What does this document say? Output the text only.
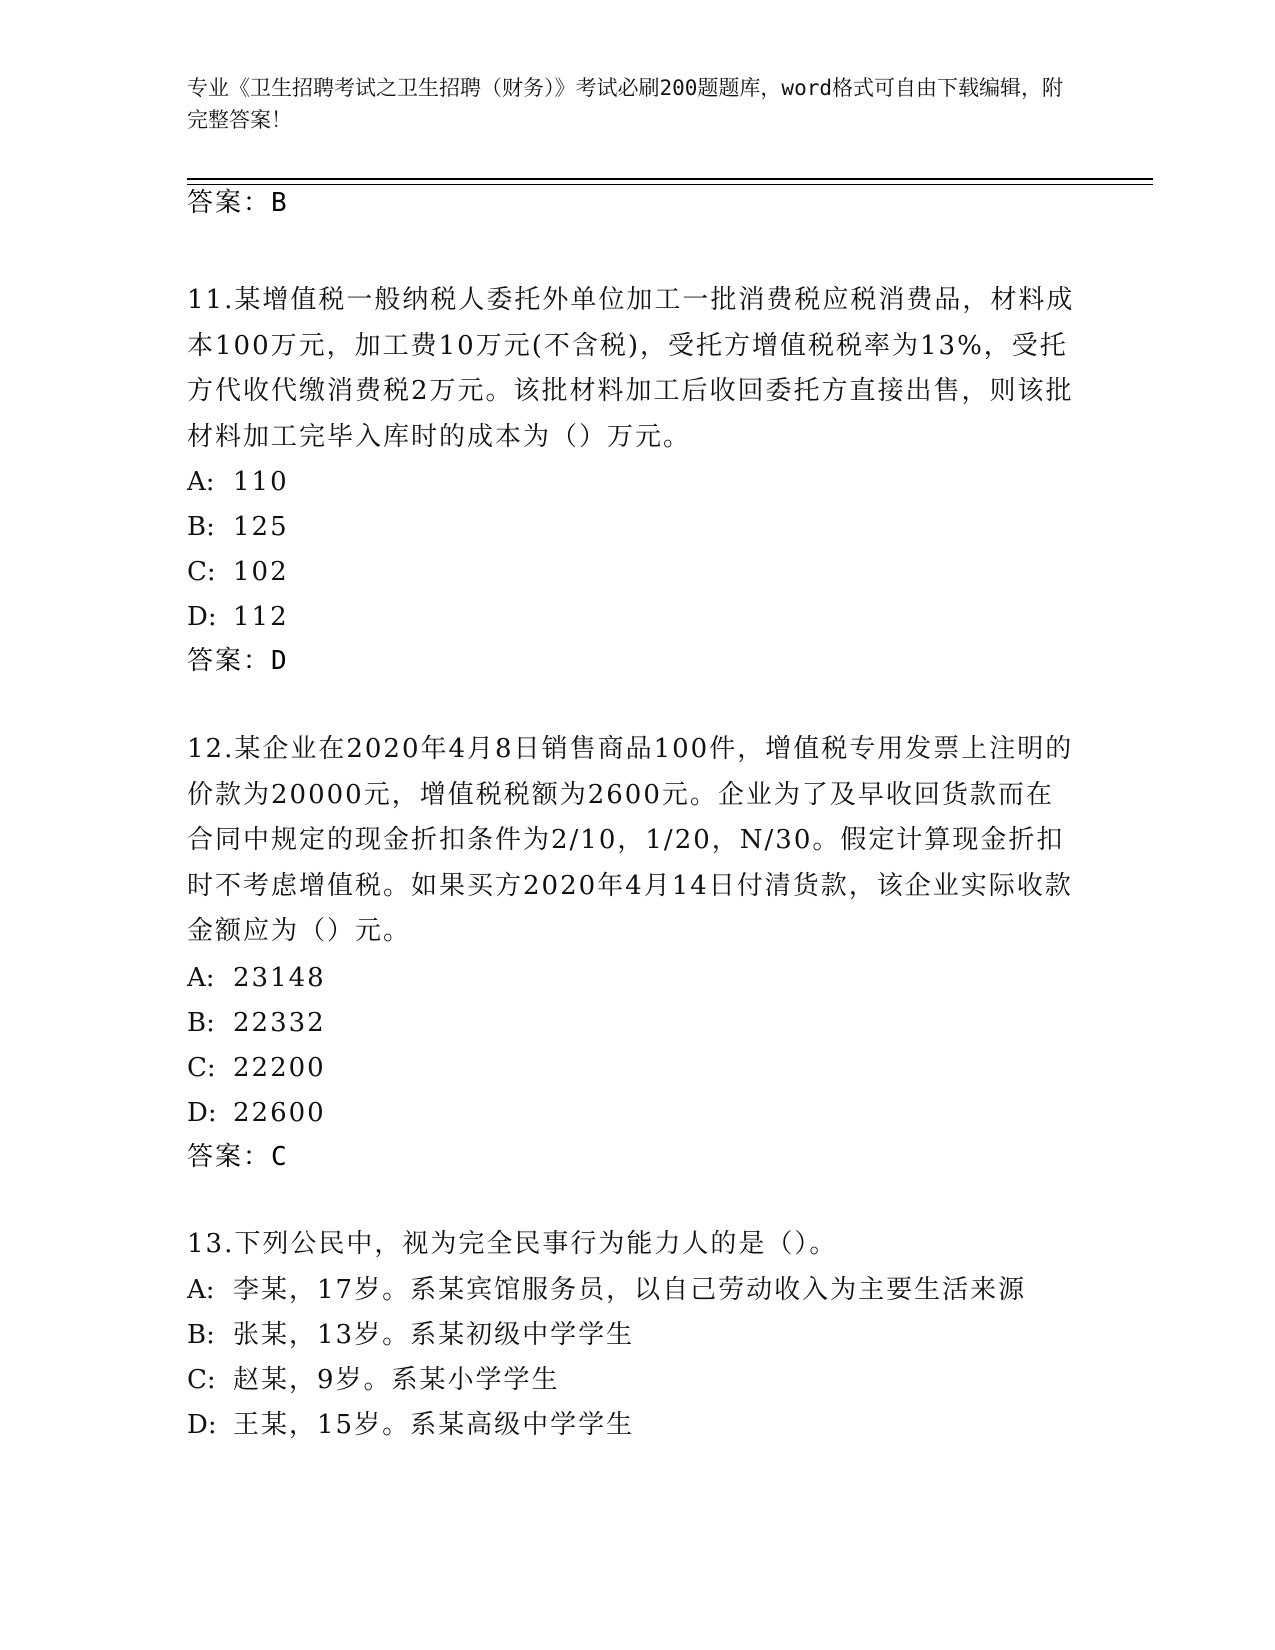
专业《卫生招聘考试之卫生招聘（财务）》考试必刷200题题库，word格式可自由下载编辑，附完整答案！
答案：B

11.某增值税一般纳税人委托外单位加工一批消费税应税消费品，材料成本100万元，加工费10万元(不含税)，受托方增值税税率为13%，受托方代收代缴消费税2万元。该批材料加工后收回委托方直接出售，则该批材料加工完毕入库时的成本为（）万元。

A: 110
B: 125
C: 102
D: 112
答案：D

12.某企业在2020年4月8日销售商品100件，增值税专用发票上注明的价款为20000元，增值税税额为2600元。企业为了及早收回货款而在合同中规定的现金折扣条件为2/10，1/20，N/30。假定计算现金折扣时不考虑增值税。如果买方2020年4月14日付清货款，该企业实际收款金额应为（）元。

A: 23148
B: 22332
C: 22200
D: 22600
答案：C

13.下列公民中，视为完全民事行为能力人的是（）。

A: 李某，17岁。系某宾馆服务员，以自己劳动收入为主要生活来源
B: 张某，13岁。系某初级中学学生
C: 赵某，9岁。系某小学学生
D: 王某，15岁。系某高级中学学生
